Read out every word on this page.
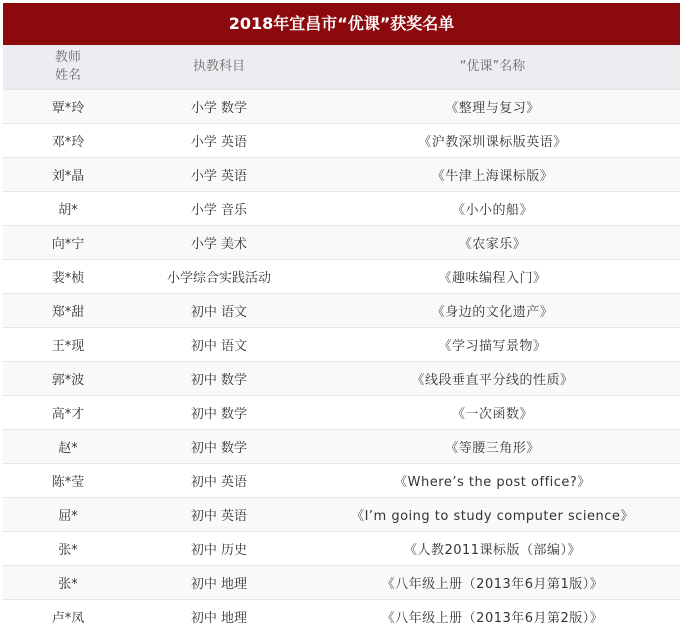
2018年宜昌市“优课”获奖名单
教师
姓名	执教科目	“优课”名称
覃*玲	小学 数学	《整理与复习》
邓*玲	小学 英语	《沪教深圳课标版英语》
刘*晶	小学 英语	《牛津上海课标版》
胡*	小学 音乐	《小小的船》
向*宁	小学 美术	《农家乐》
裴*桢	小学综合实践活动	《趣味编程入门》
郑*甜	初中 语文	《身边的文化遗产》
王*现	初中 语文	《学习描写景物》
郭*波	初中 数学	《线段垂直平分线的性质》
高*才	初中 数学	《一次函数》
赵*	初中 数学	《等腰三角形》
陈*莹	初中 英语	《Where’s the post office?》
屈*	初中 英语	《I’m going to study computer science》
张*	初中 历史	《人教2011课标版（部编）》
张*	初中 地理	《八年级上册（2013年6月第1版）》
卢*凤	初中 地理	《八年级上册（2013年6月第2版）》
